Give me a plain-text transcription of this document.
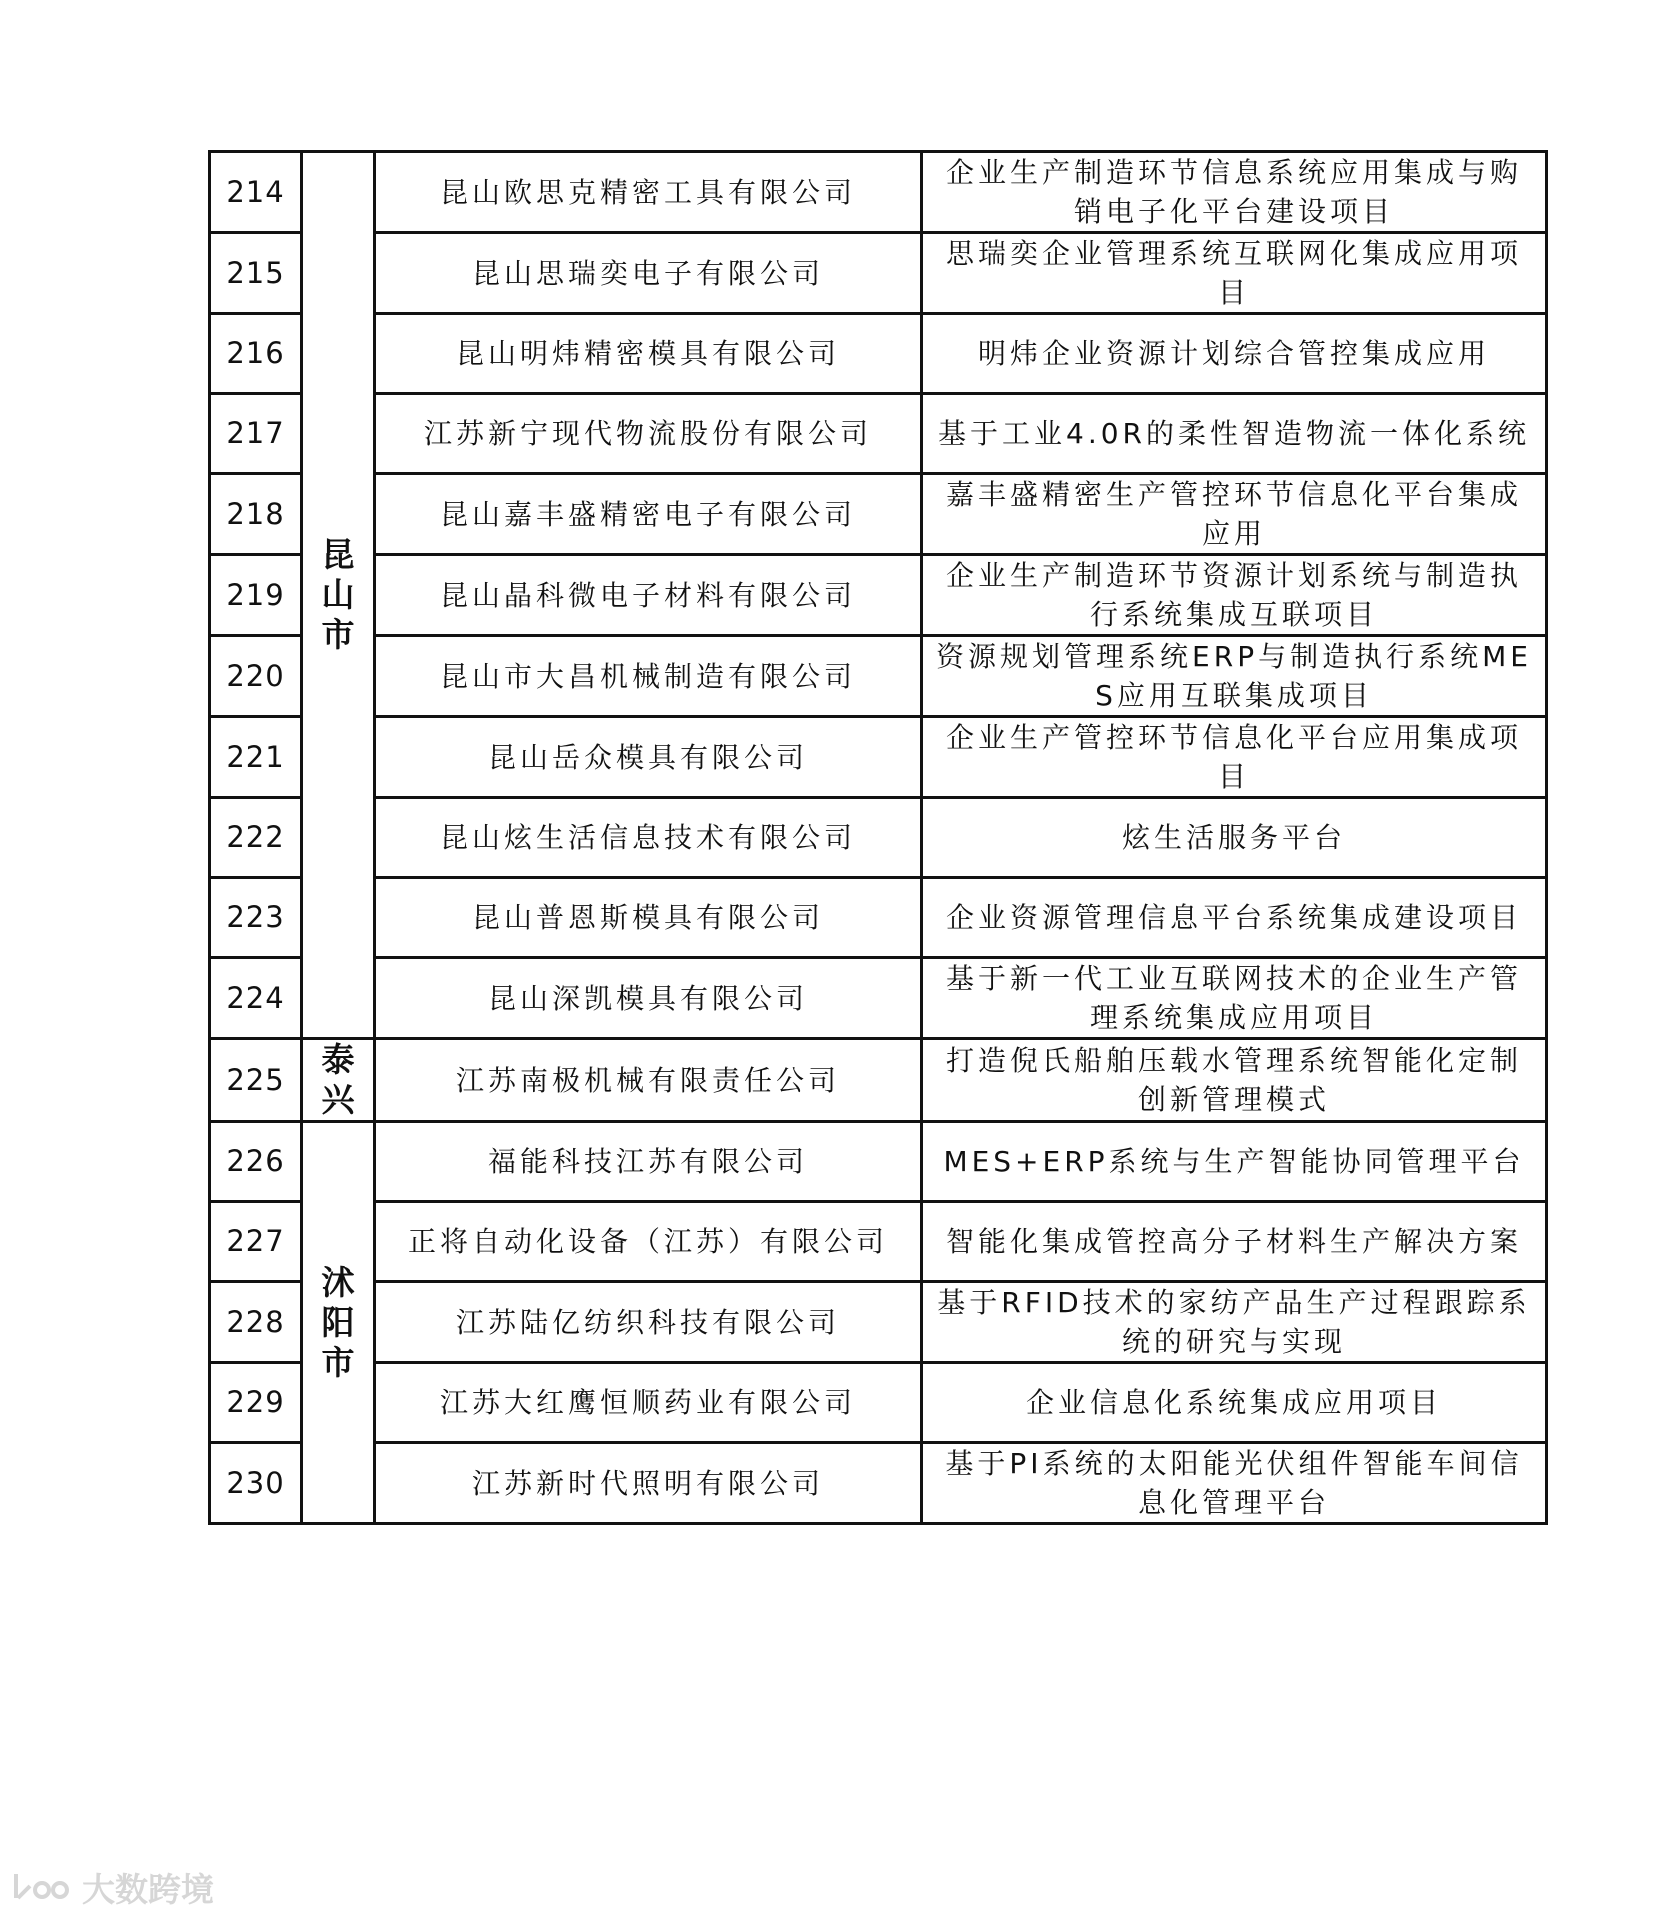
214	昆山市	昆山欧思克精密工具有限公司	企业生产制造环节信息系统应用集成与购销电子化平台建设项目
215		昆山思瑞奕电子有限公司	思瑞奕企业管理系统互联网化集成应用项目
216		昆山明炜精密模具有限公司	明炜企业资源计划综合管控集成应用
217		江苏新宁现代物流股份有限公司	基于工业4.0R的柔性智造物流一体化系统
218		昆山嘉丰盛精密电子有限公司	嘉丰盛精密生产管控环节信息化平台集成应用
219		昆山晶科微电子材料有限公司	企业生产制造环节资源计划系统与制造执行系统集成互联项目
220		昆山市大昌机械制造有限公司	资源规划管理系统ERP与制造执行系统MES应用互联集成项目
221		昆山岳众模具有限公司	企业生产管控环节信息化平台应用集成项目
222		昆山炫生活信息技术有限公司	炫生活服务平台
223		昆山普恩斯模具有限公司	企业资源管理信息平台系统集成建设项目
224		昆山深凯模具有限公司	基于新一代工业互联网技术的企业生产管理系统集成应用项目
225	泰兴	江苏南极机械有限责任公司	打造倪氏船舶压载水管理系统智能化定制创新管理模式
226	沭阳市	福能科技江苏有限公司	MES+ERP系统与生产智能协同管理平台
227		正将自动化设备（江苏）有限公司	智能化集成管控高分子材料生产解决方案
228		江苏陆亿纺织科技有限公司	基于RFID技术的家纺产品生产过程跟踪系统的研究与实现
229		江苏大红鹰恒顺药业有限公司	企业信息化系统集成应用项目
230		江苏新时代照明有限公司	基于PI系统的太阳能光伏组件智能车间信息化管理平台
大数跨境
